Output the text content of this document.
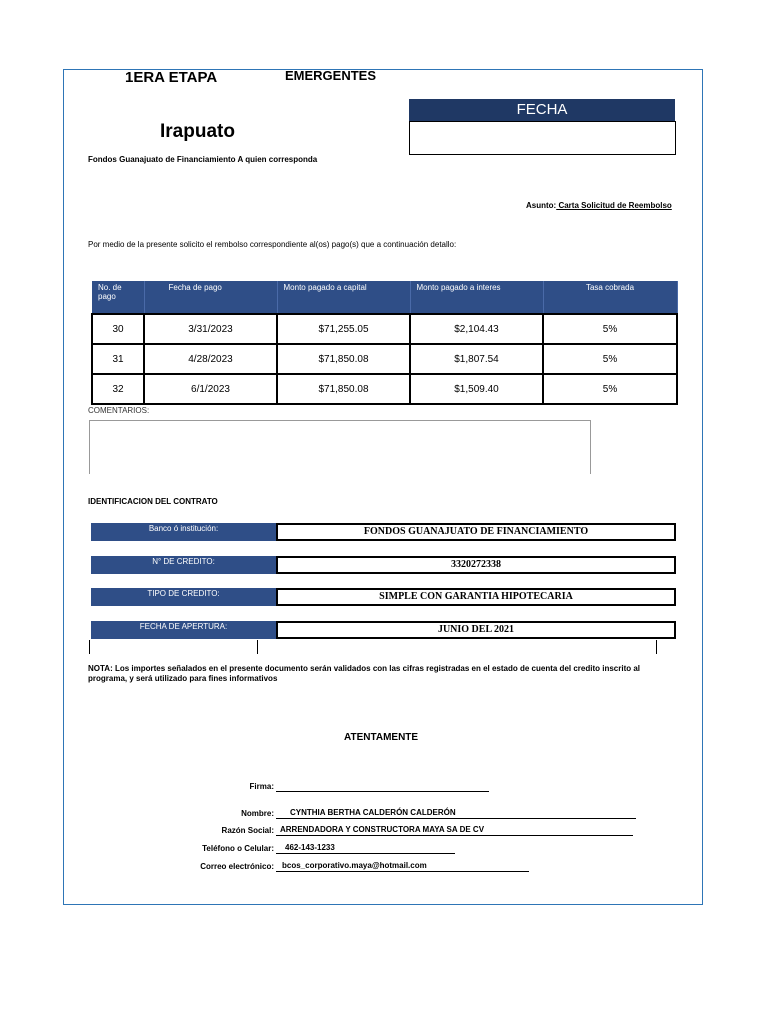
1ERA ETAPA	EMERGENTES
FECHA
Irapuato
Fondos Guanajuato de Financiamiento A quien corresponda
Asunto: Carta Solicitud de Reembolso
Por medio de la presente solicito el rembolso correspondiente al(os) pago(s) que a continuación detallo:
No. de pago	Fecha de pago	Monto pagado a capital	Monto pagado a interes	Tasa cobrada
30	3/31/2023	$71,255.05	$2,104.43	5%
31	4/28/2023	$71,850.08	$1,807.54	5%
32	6/1/2023	$71,850.08	$1,509.40	5%
COMENTARIOS:
IDENTIFICACION DEL CONTRATO
Banco ó institución:	FONDOS GUANAJUATO DE FINANCIAMIENTO
N° DE CREDITO:	3320272338
TIPO DE CREDITO:	SIMPLE CON GARANTIA HIPOTECARIA
FECHA DE APERTURA:	JUNIO DEL 2021
NOTA: Los importes señalados en el presente documento serán validados con las cifras registradas en el estado de cuenta del credito inscrito al programa, y será utilizado para fines informativos
ATENTAMENTE
Firma:
Nombre:	CYNTHIA BERTHA CALDERÓN CALDERÓN
Razón Social: ARRENDADORA Y CONSTRUCTORA MAYA SA DE CV
Teléfono o Celular:	462-143-1233
Correo electrónico:	bcos_corporativo.maya@hotmail.com
